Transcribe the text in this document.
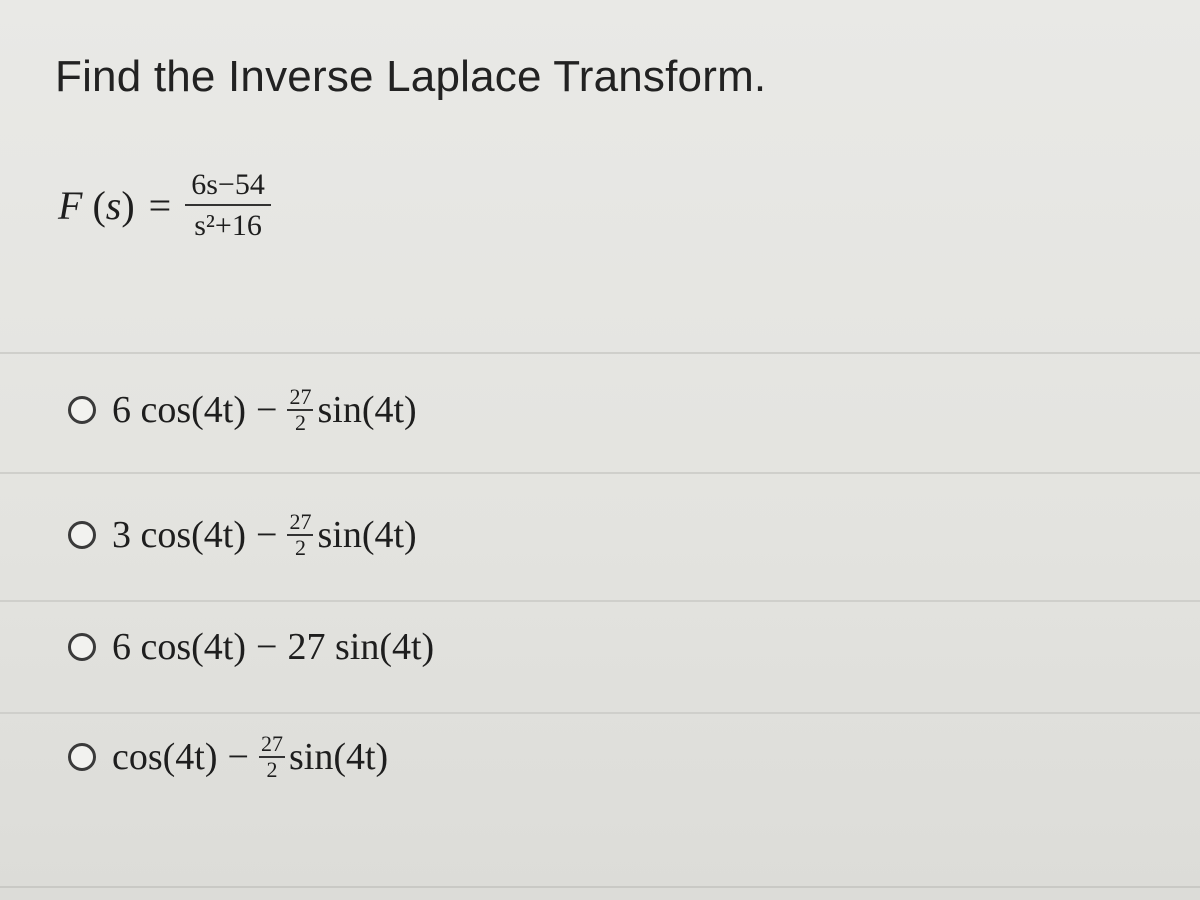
Find the Inverse Laplace Transform.
F $(s) = \frac{6s-54}{\text{s²+16}}$
6
$\cos(4t) - \frac{27}{2} \sin(4t)$
3
$\cos(4t) - \frac{27}{2} \sin(4t)$
6
cos(4t) − 27
sin(4t)
$\cos(4t) - \frac{27}{2} \sin(4t)$
